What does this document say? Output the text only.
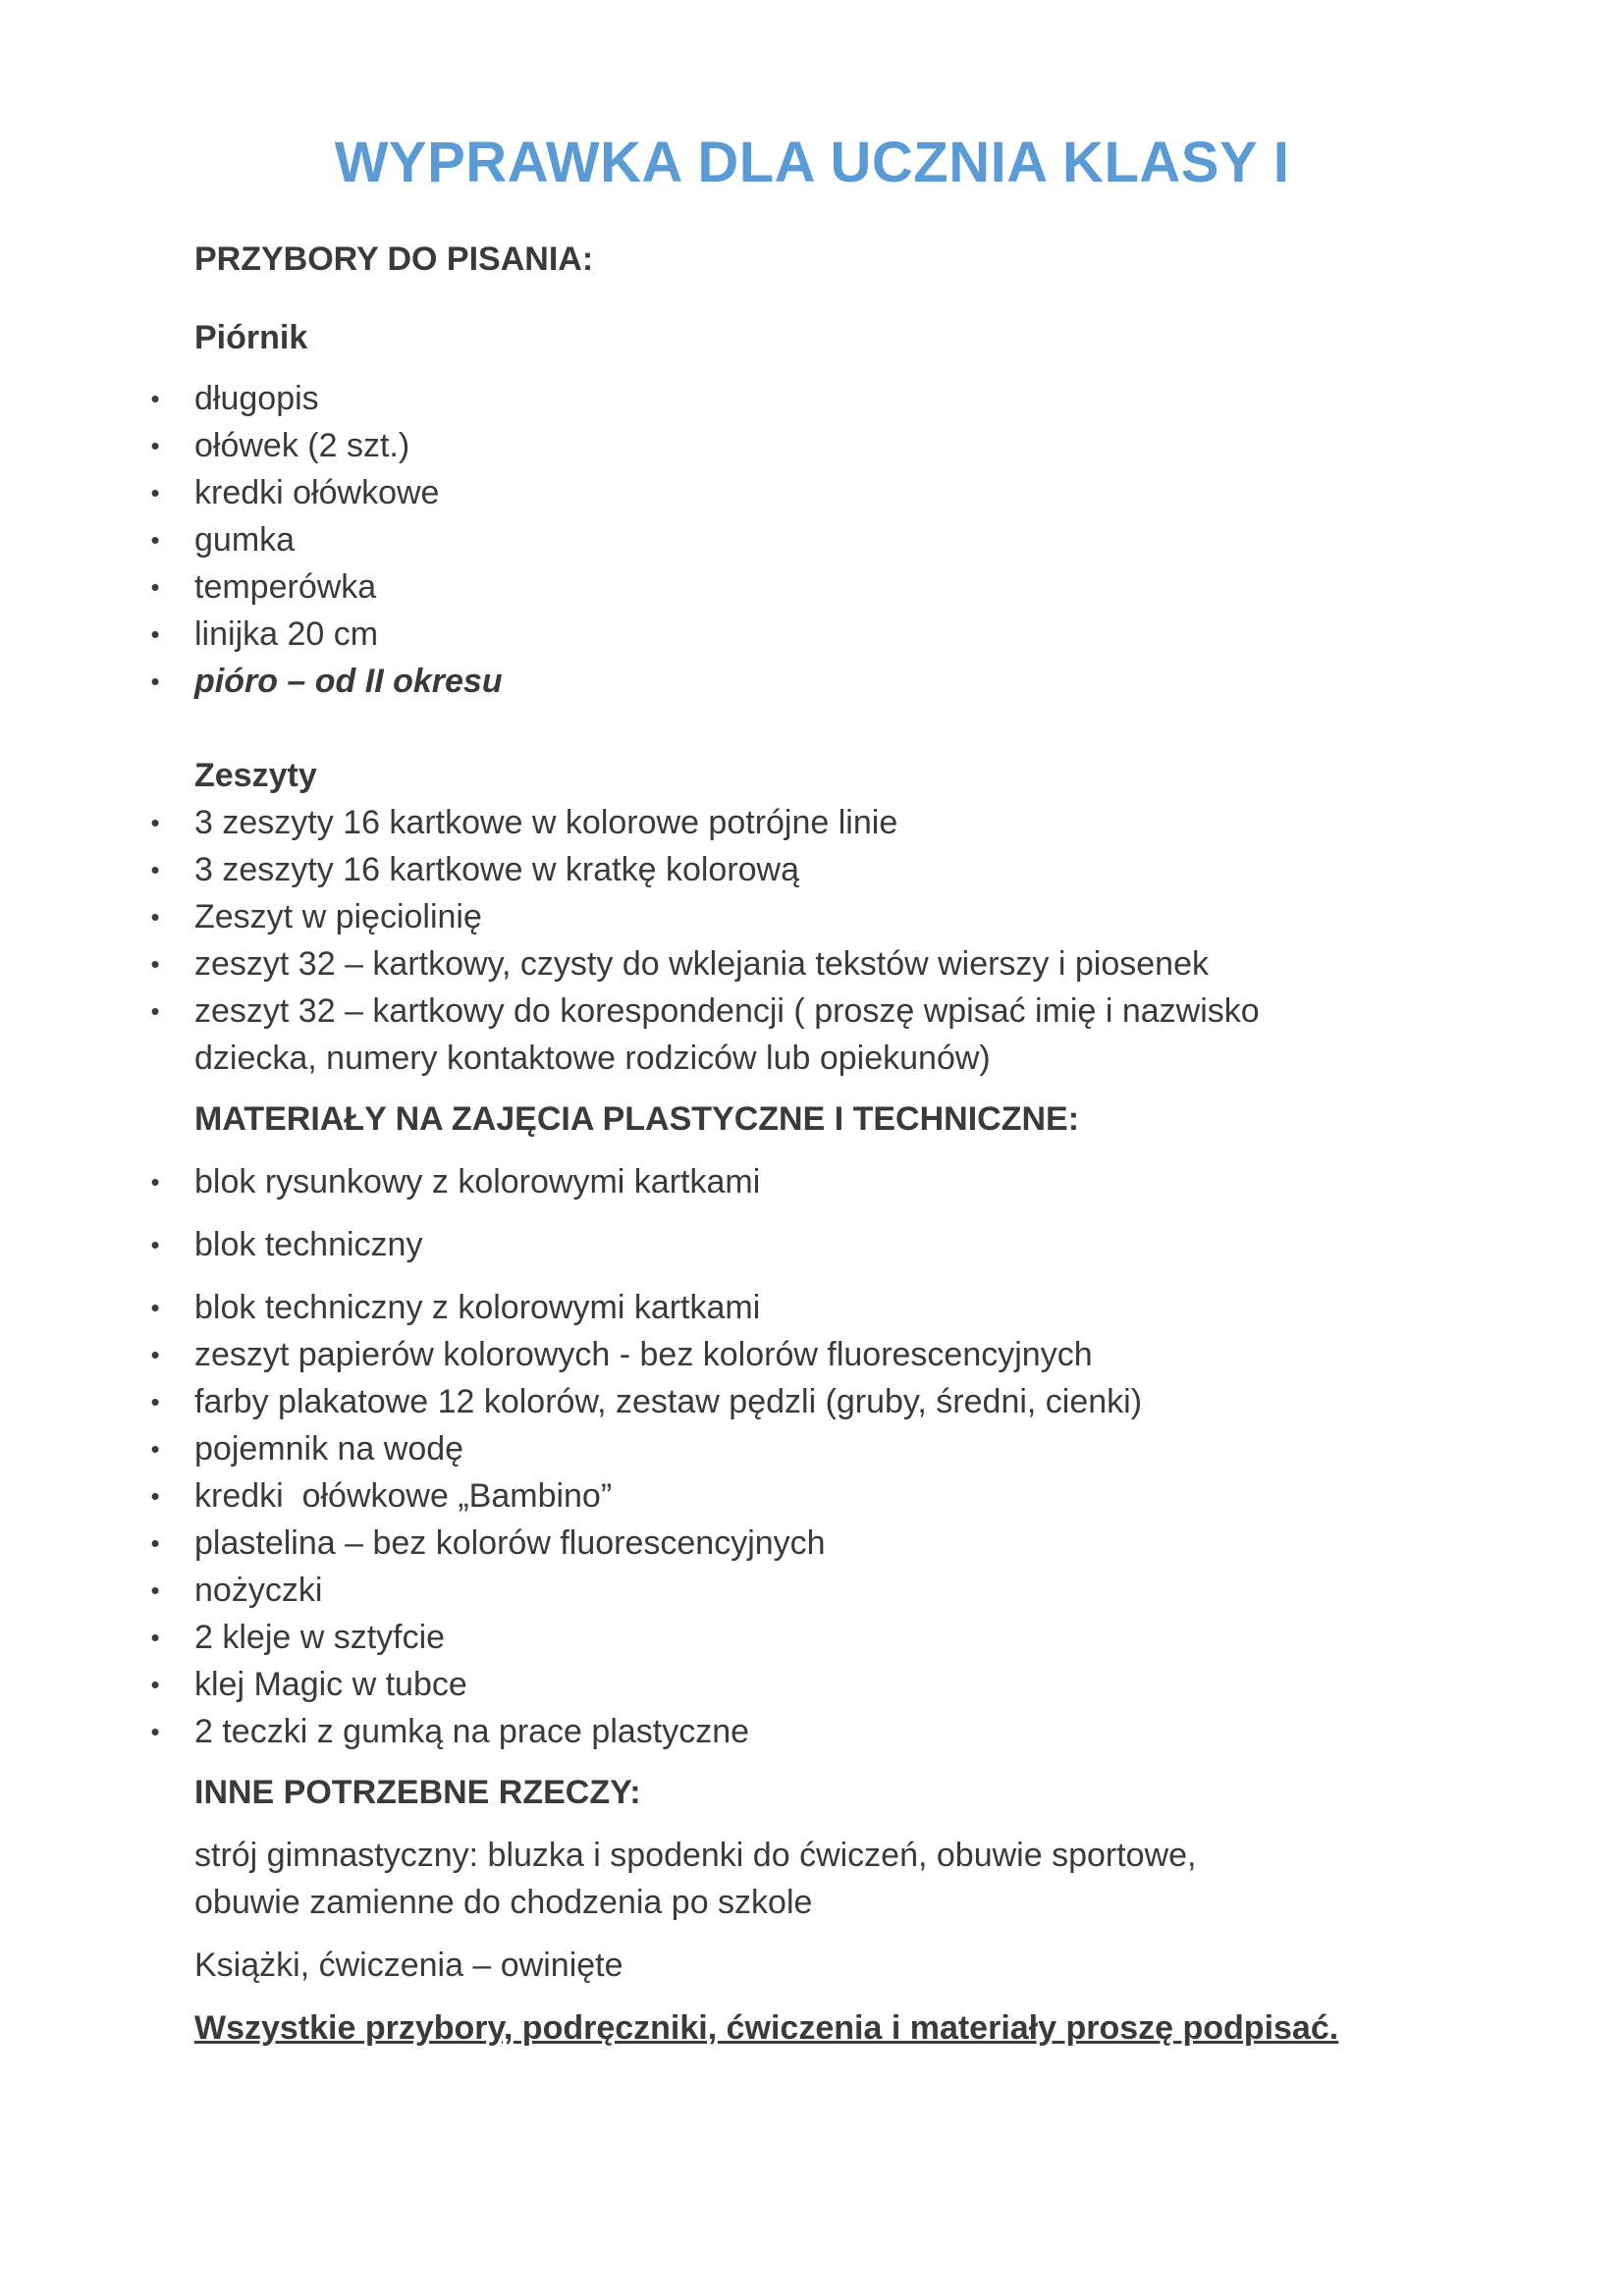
WYPRAWKA DLA UCZNIA KLASY I

PRZYBORY DO PISANIA:

Piórnik

• długopis
• ołówek (2 szt.)
• kredki ołówkowe
• gumka
• temperówka
• linijka 20 cm
• pióro – od II okresu

Zeszyty

• 3 zeszyty 16 kartkowe w kolorowe potrójne linie
• 3 zeszyty 16 kartkowe w kratkę kolorową
• Zeszyt w pięciolinię
• zeszyt 32 – kartkowy, czysty do wklejania tekstów wierszy i piosenek
• zeszyt 32 – kartkowy do korespondencji ( proszę wpisać imię i nazwisko
dziecka, numery kontaktowe rodziców lub opiekunów)

MATERIAŁY NA ZAJĘCIA PLASTYCZNE I TECHNICZNE:

• blok rysunkowy z kolorowymi kartkami
• blok techniczny
• blok techniczny z kolorowymi kartkami
• zeszyt papierów kolorowych - bez kolorów fluorescencyjnych
• farby plakatowe 12 kolorów, zestaw pędzli (gruby, średni, cienki)
• pojemnik na wodę
• kredki  ołówkowe „Bambino”
• plastelina – bez kolorów fluorescencyjnych
• nożyczki
• 2 kleje w sztyfcie
• klej Magic w tubce
• 2 teczki z gumką na prace plastyczne

INNE POTRZEBNE RZECZY:

strój gimnastyczny: bluzka i spodenki do ćwiczeń, obuwie sportowe,

obuwie zamienne do chodzenia po szkole

Książki, ćwiczenia – owinięte

Wszystkie przybory, podręczniki, ćwiczenia i materiały proszę podpisać.
